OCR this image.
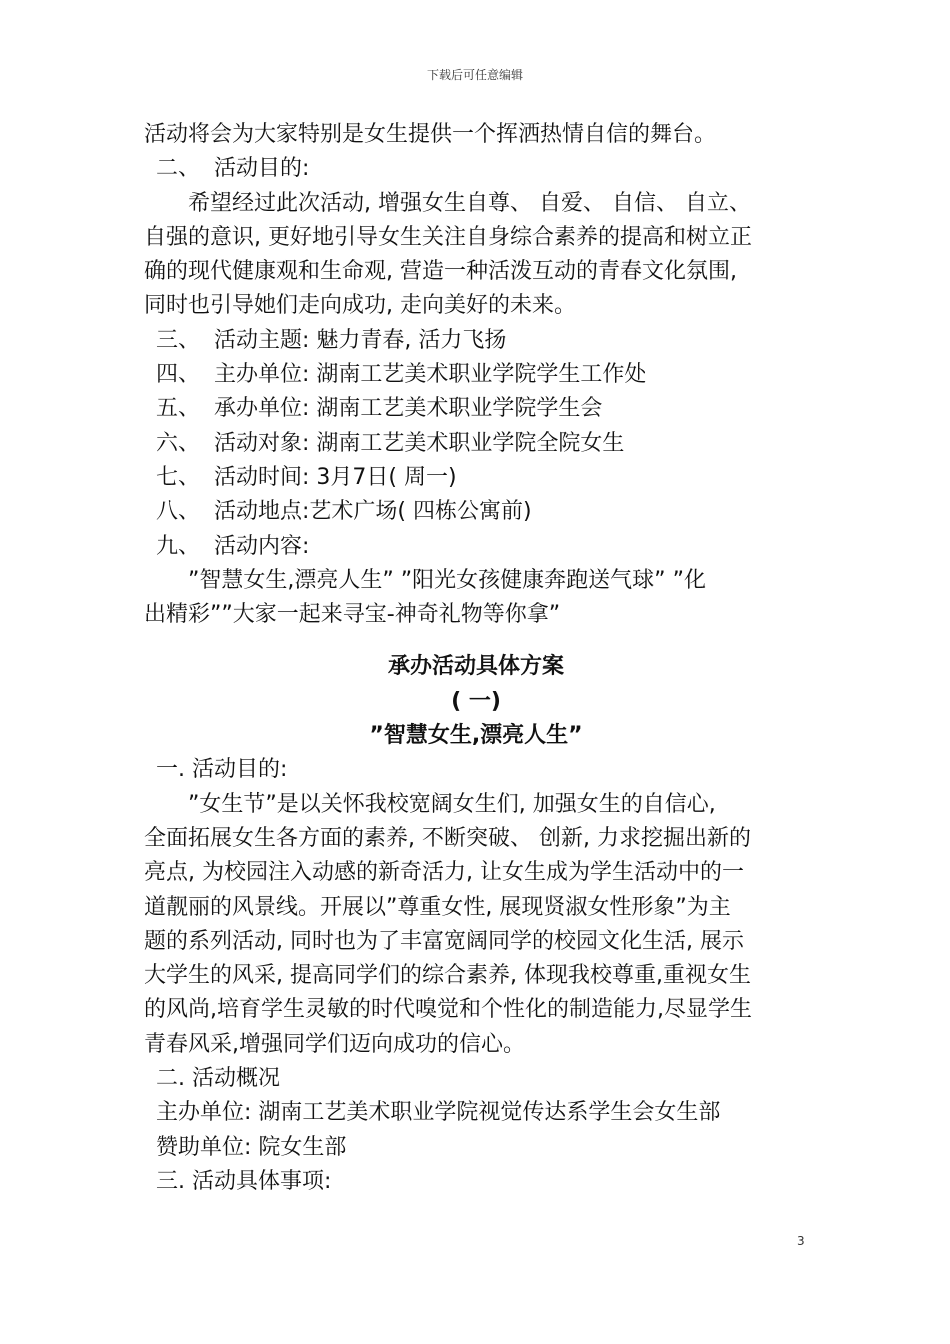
下载后可任意编辑
活动将会为大家特别是女生提供一个挥洒热情自信的舞台。
二、 活动目的:
希望经过此次活动, 增强女生自尊、 自爱、 自信、 自立、
自强的意识, 更好地引导女生关注自身综合素养的提高和树立正
确的现代健康观和生命观, 营造一种活泼互动的青春文化氛围,
同时也引导她们走向成功, 走向美好的未来。
三、 活动主题: 魅力青春, 活力飞扬
四、 主办单位: 湖南工艺美术职业学院学生工作处
五、 承办单位: 湖南工艺美术职业学院学生会
六、 活动对象: 湖南工艺美术职业学院全院女生
七、 活动时间: 3月7日( 周一)
八、 活动地点:艺术广场( 四栋公寓前)
九、 活动内容:
”智慧女生,漂亮人生” ”阳光女孩健康奔跑送气球” ”化
出精彩””大家一起来寻宝-神奇礼物等你拿”
承办活动具体方案
( 一)
”智慧女生,漂亮人生”
一. 活动目的:
”女生节”是以关怀我校宽阔女生们, 加强女生的自信心,
全面拓展女生各方面的素养, 不断突破、 创新, 力求挖掘出新的
亮点, 为校园注入动感的新奇活力, 让女生成为学生活动中的一
道靓丽的风景线。开展以”尊重女性, 展现贤淑女性形象”为主
题的系列活动, 同时也为了丰富宽阔同学的校园文化生活, 展示
大学生的风采, 提高同学们的综合素养, 体现我校尊重,重视女生
的风尚,培育学生灵敏的时代嗅觉和个性化的制造能力,尽显学生
青春风采,增强同学们迈向成功的信心。
二. 活动概况
主办单位: 湖南工艺美术职业学院视觉传达系学生会女生部
赞助单位: 院女生部
三. 活动具体事项:
3
